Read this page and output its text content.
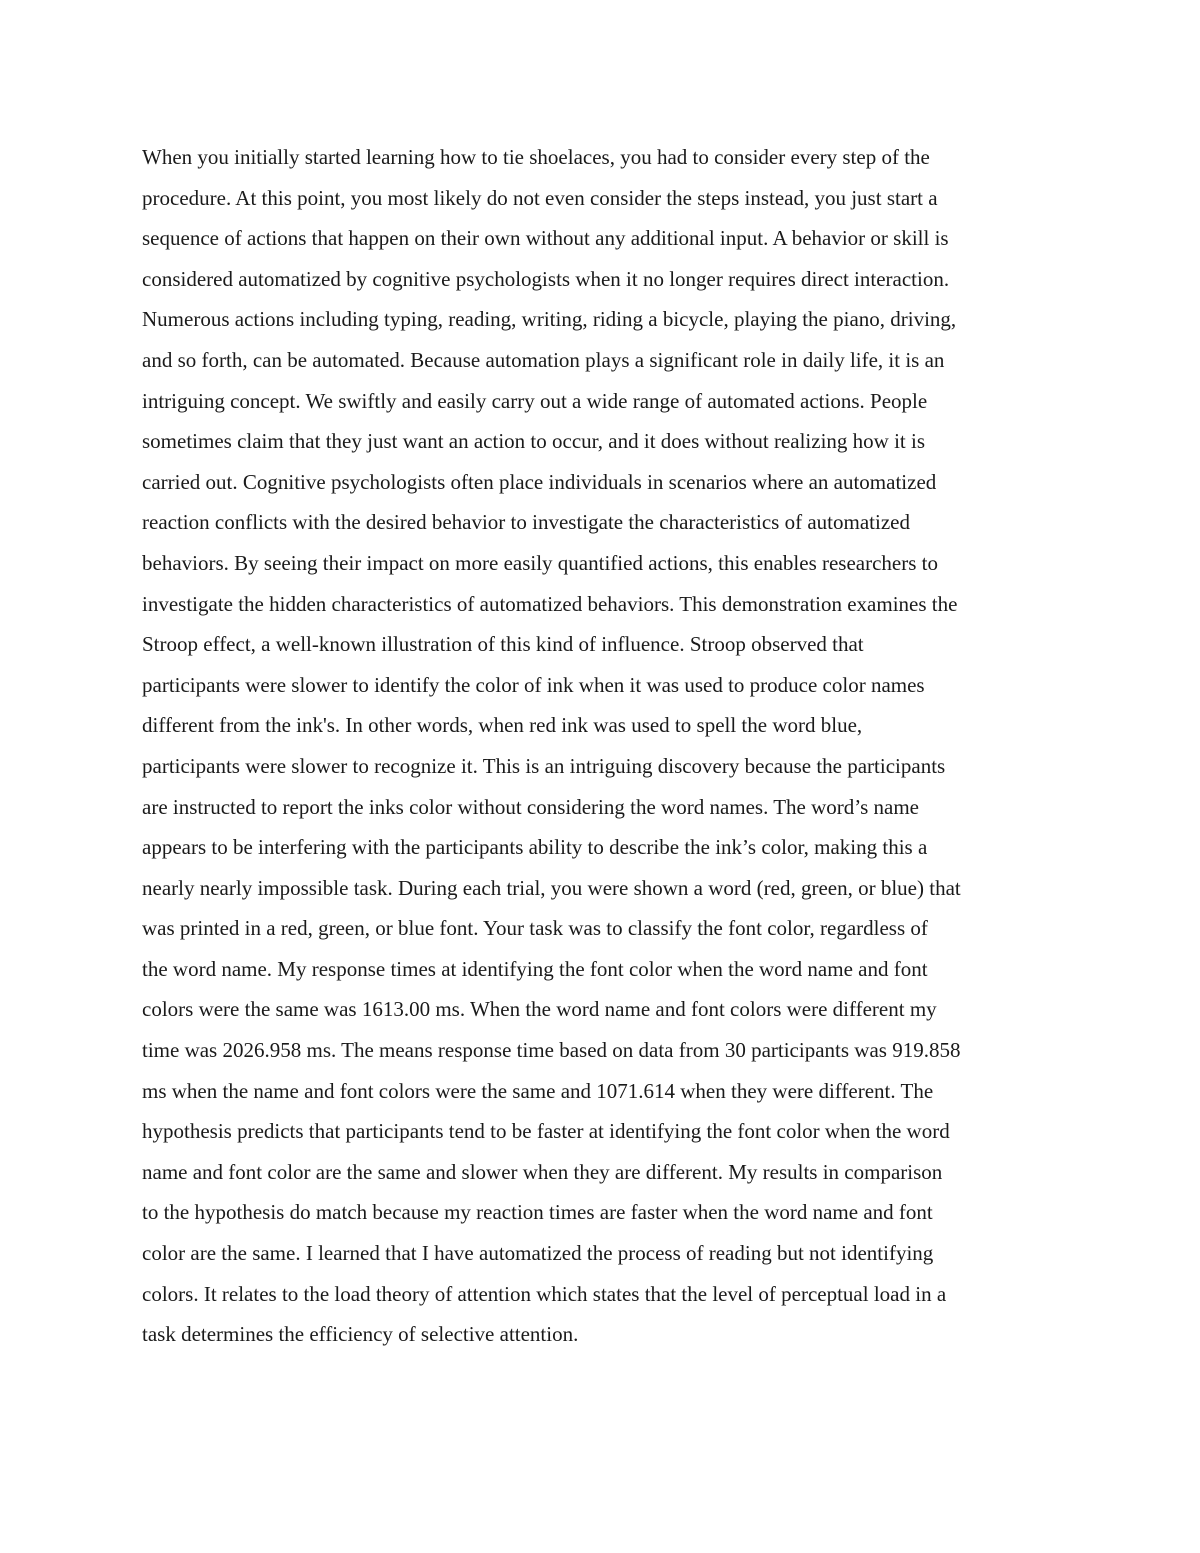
When you initially started learning how to tie shoelaces, you had to consider every step of the
procedure. At this point, you most likely do not even consider the steps instead, you just start a
sequence of actions that happen on their own without any additional input. A behavior or skill is
considered automatized by cognitive psychologists when it no longer requires direct interaction.
Numerous actions including typing, reading, writing, riding a bicycle, playing the piano, driving,
and so forth, can be automated. Because automation plays a significant role in daily life, it is an
intriguing concept. We swiftly and easily carry out a wide range of automated actions. People
sometimes claim that they just want an action to occur, and it does without realizing how it is
carried out. Cognitive psychologists often place individuals in scenarios where an automatized
reaction conflicts with the desired behavior to investigate the characteristics of automatized
behaviors. By seeing their impact on more easily quantified actions, this enables researchers to
investigate the hidden characteristics of automatized behaviors. This demonstration examines the
Stroop effect, a well-known illustration of this kind of influence. Stroop observed that
participants were slower to identify the color of ink when it was used to produce color names
different from the ink's. In other words, when red ink was used to spell the word blue,
participants were slower to recognize it. This is an intriguing discovery because the participants
are instructed to report the inks color without considering the word names. The word’s name
appears to be interfering with the participants ability to describe the ink’s color, making this a
nearly nearly impossible task. During each trial, you were shown a word (red, green, or blue) that
was printed in a red, green, or blue font. Your task was to classify the font color, regardless of
the word name. My response times at identifying the font color when the word name and font
colors were the same was 1613.00 ms. When the word name and font colors were different my
time was 2026.958 ms. The means response time based on data from 30 participants was 919.858
ms when the name and font colors were the same and 1071.614 when they were different. The
hypothesis predicts that participants tend to be faster at identifying the font color when the word
name and font color are the same and slower when they are different. My results in comparison
to the hypothesis do match because my reaction times are faster when the word name and font
color are the same. I learned that I have automatized the process of reading but not identifying
colors. It relates to the load theory of attention which states that the level of perceptual load in a
task determines the efficiency of selective attention.
